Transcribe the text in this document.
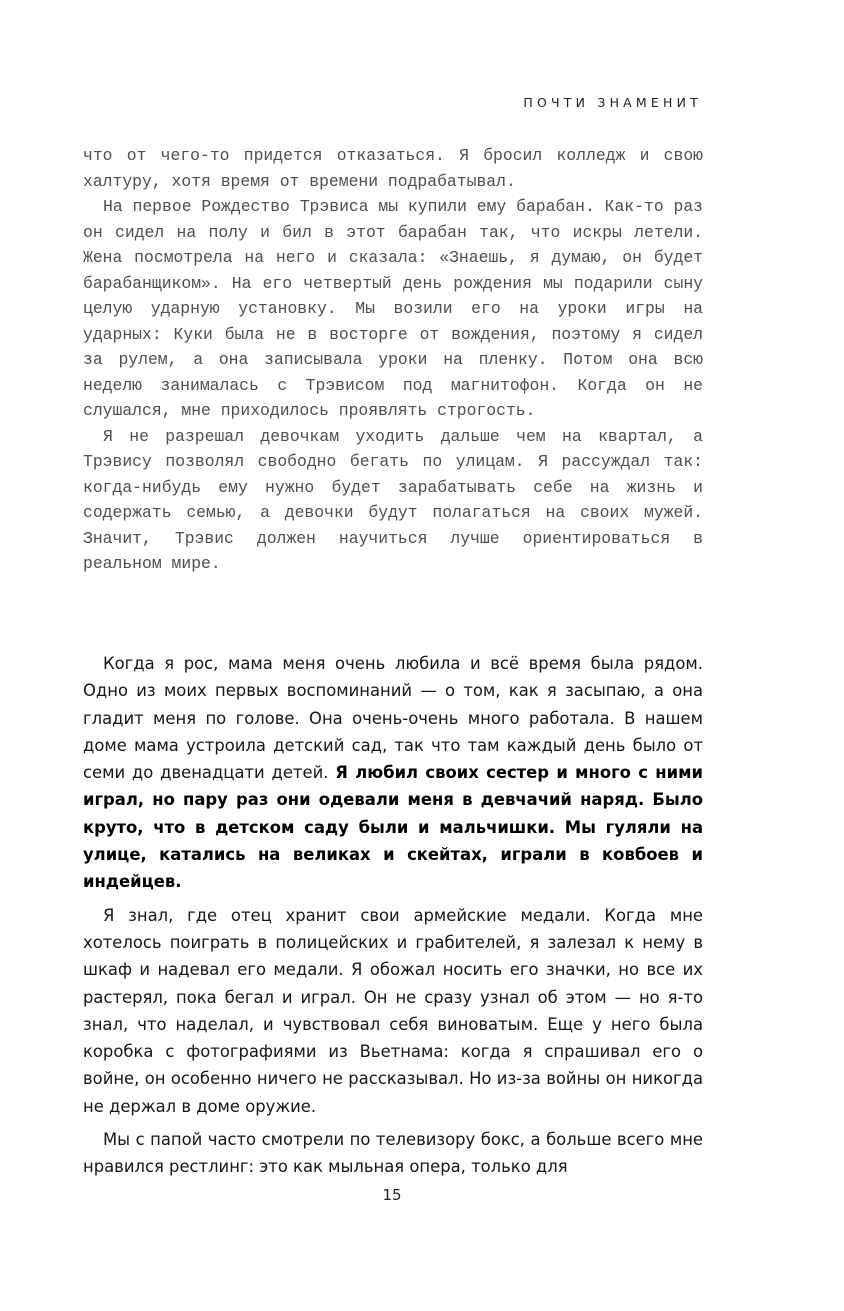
ПОЧТИ ЗНАМЕНИТ

что от чего-то придется отказаться. Я бросил колледж и свою халтуру, хотя время от времени подрабатывал.

На первое Рождество Трэвиса мы купили ему барабан. Как-то раз он сидел на полу и бил в этот барабан так, что искры летели. Жена посмотрела на него и сказала: «Знаешь, я думаю, он будет барабанщиком». На его четвертый день рождения мы подарили сыну целую ударную установку. Мы возили его на уроки игры на ударных: Куки была не в восторге от вождения, поэтому я сидел за рулем, а она записывала уроки на пленку. Потом она всю неделю занималась с Трэвисом под магнитофон. Когда он не слушался, мне приходилось проявлять строгость.

Я не разрешал девочкам уходить дальше чем на квартал, а Трэвису позволял свободно бегать по улицам. Я рассуждал так: когда-нибудь ему нужно будет зарабатывать себе на жизнь и содержать семью, а девочки будут полагаться на своих мужей. Значит, Трэвис должен научиться лучше ориентироваться в реальном мире.

Когда я рос, мама меня очень любила и всё время была рядом. Одно из моих первых воспоминаний — о том, как я засыпаю, а она гладит меня по голове. Она очень-очень много работала. В нашем доме мама устроила детский сад, так что там каждый день было от семи до двенадцати детей. Я любил своих сестер и много с ними играл, но пару раз они одевали меня в девчачий наряд. Было круто, что в детском саду были и мальчишки. Мы гуляли на улице, катались на великах и скейтах, играли в ковбоев и индейцев.

Я знал, где отец хранит свои армейские медали. Когда мне хотелось поиграть в полицейских и грабителей, я залезал к нему в шкаф и надевал его медали. Я обожал носить его значки, но все их растерял, пока бегал и играл. Он не сразу узнал об этом — но я-то знал, что наделал, и чувствовал себя виноватым. Еще у него была коробка с фотографиями из Вьетнама: когда я спрашивал его о войне, он особенно ничего не рассказывал. Но из-за войны он никогда не держал в доме оружие.

Мы с папой часто смотрели по телевизору бокс, а больше всего мне нравился рестлинг: это как мыльная опера, только для

15
